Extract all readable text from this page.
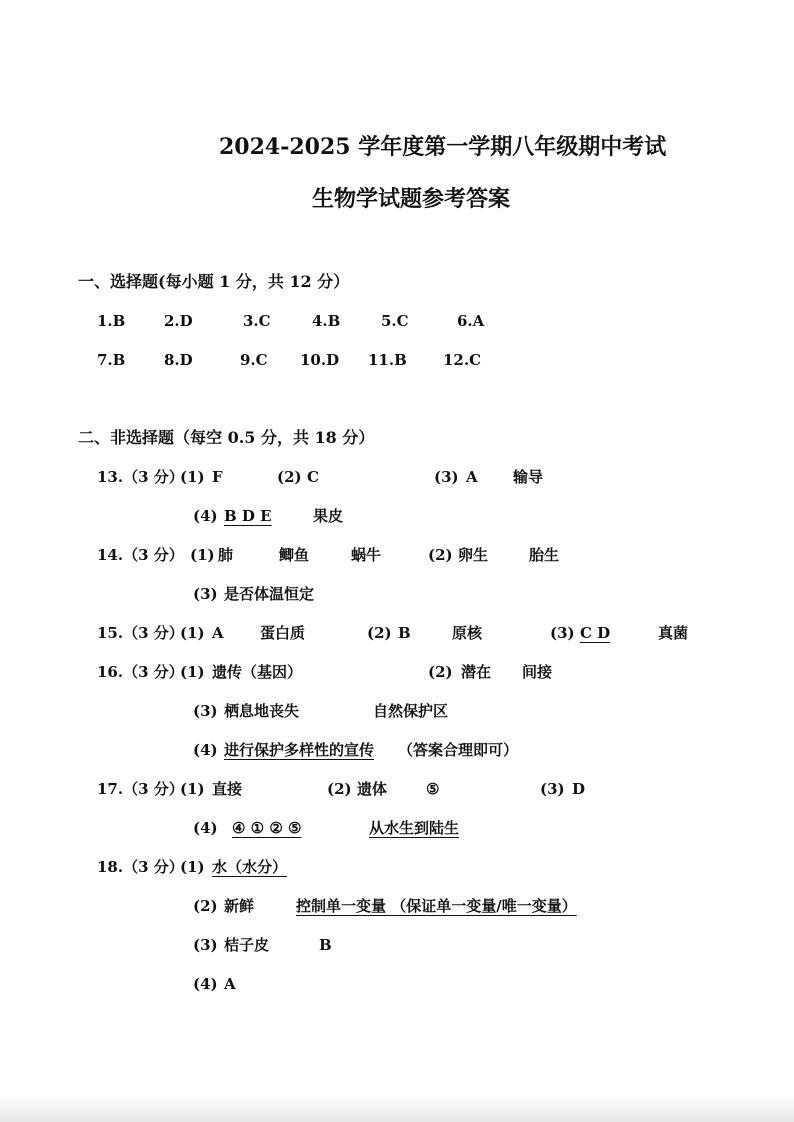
2024-2025 学年度第一学期八年级期中考试
生物学试题参考答案
一、选择题(每小题 1 分，共 12 分）
1.B	2.D	3.C	4.B	5.C	6.A
7.B	8.D	9.C 10.D 11.B 12.C
二、非选择题（每空 0.5 分，共 18 分）
13.（3 分）
(1) F	(2) C	(3) A 输导
(4) B D E	果皮
14.（3 分） (1) 肺	鲫鱼	蜗牛	(2) 卵生	胎生
(3) 是否体温恒定
15.（3 分）
(1) A 蛋白质	(2) B	原核	(3) C D	真菌
16.（3 分）
(1) 遗传（基因）	(2) 潜在 间接
(3) 栖息地丧失	自然保护区
(4) 进行保护多样性的宣传 （答案合理即可）
17.（3 分）
(1) 直接	(2) 遗体	⑤	(3) D
(4) ④ ① ② ⑤	从水生到陆生
18.（3 分）
(1) 水（水分）
(2) 新鲜	控制单一变量 （保证单一变量/唯一变量）
(3) 桔子皮	B
(4) A
